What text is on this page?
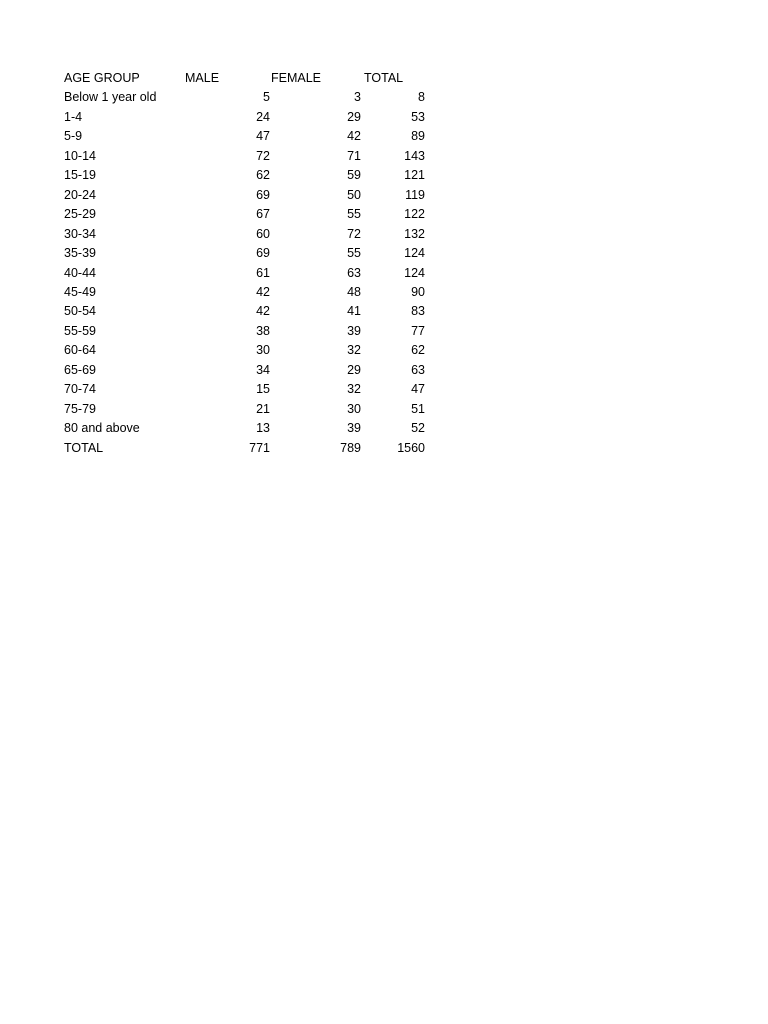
AGE GROUP	MALE	FEMALE	TOTAL
Below 1 year old	5	3	8
1-4	24	29	53
5-9	47	42	89
10-14	72	71	143
15-19	62	59	121
20-24	69	50	119
25-29	67	55	122
30-34	60	72	132
35-39	69	55	124
40-44	61	63	124
45-49	42	48	90
50-54	42	41	83
55-59	38	39	77
60-64	30	32	62
65-69	34	29	63
70-74	15	32	47
75-79	21	30	51
80 and above	13	39	52
TOTAL	771	789	1560
